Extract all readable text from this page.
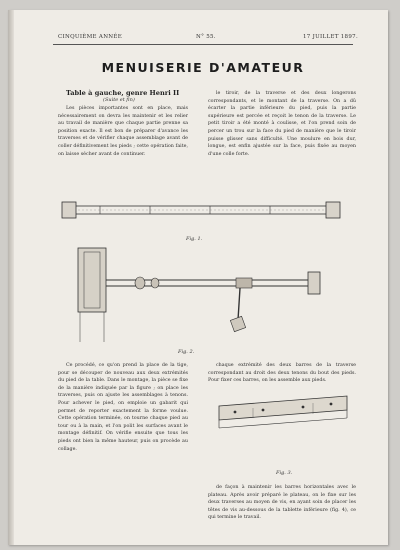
CINQUIÈME ANNÉE	N° 55.	17 JUILLET 1897.
MENUISERIE D'AMATEUR
Table à gauche, genre Henri II
(Suite et fin)

Les pièces importantes sont en place, mais nécessairement on devra les maintenir et les relier au travail de manière que chaque partie prenne sa position exacte. Il est bon de préparer d'avance les traverses et de vérifier chaque assemblage avant de coller définitivement les pieds ; cette opération faite, on laisse sécher avant de continuer.

le tiroir, de la traverse et des deux longerons correspondants, et le montant de la traverse. On a dû écarter la partie inférieure du pied, puis la partie supérieure est percée et reçoit le tenon de la traverse. Le petit tiroir a été monté à coulisse, et l'on prend soin de percer un trou sur la face du pied de manière que le tiroir puisse glisser sans difficulté. Une moulure en bois dur, longue, est enfin ajustée sur la face, puis fixée au moyen d'une colle forte.

Fig. 1.
Fig. 2.

Ce procédé, ce qu'on prend la place de la tige, pour se découper de nouveau aux deux extrémités du pied de la table. Dans le montage, la pièce se fixe de la manière indiquée par la figure ; on place les traverses, puis on ajuste les assemblages à tenons. Pour achever le pied, on emploie un gabarit qui permet de reporter exactement la forme voulue. Cette opération terminée, on tourne chaque pied au tour ou à la main, et l'on polit les surfaces avant le montage définitif. On vérifie ensuite que tous les pieds ont bien la même hauteur, puis on procède au collage.

chaque extrémité des deux barres de la traverse correspondant au droit des deux tenons du bout des pieds. Pour fixer ces barres, on les assemble aux pieds.

Fig. 3.

de façon à maintenir les barres horizontales avec le plateau. Après avoir préparé le plateau, on le fixe sur les deux traverses au moyen de vis, en ayant soin de placer les têtes de vis au-dessous de la tablette inférieure (fig. 4), ce qui termine le travail.
